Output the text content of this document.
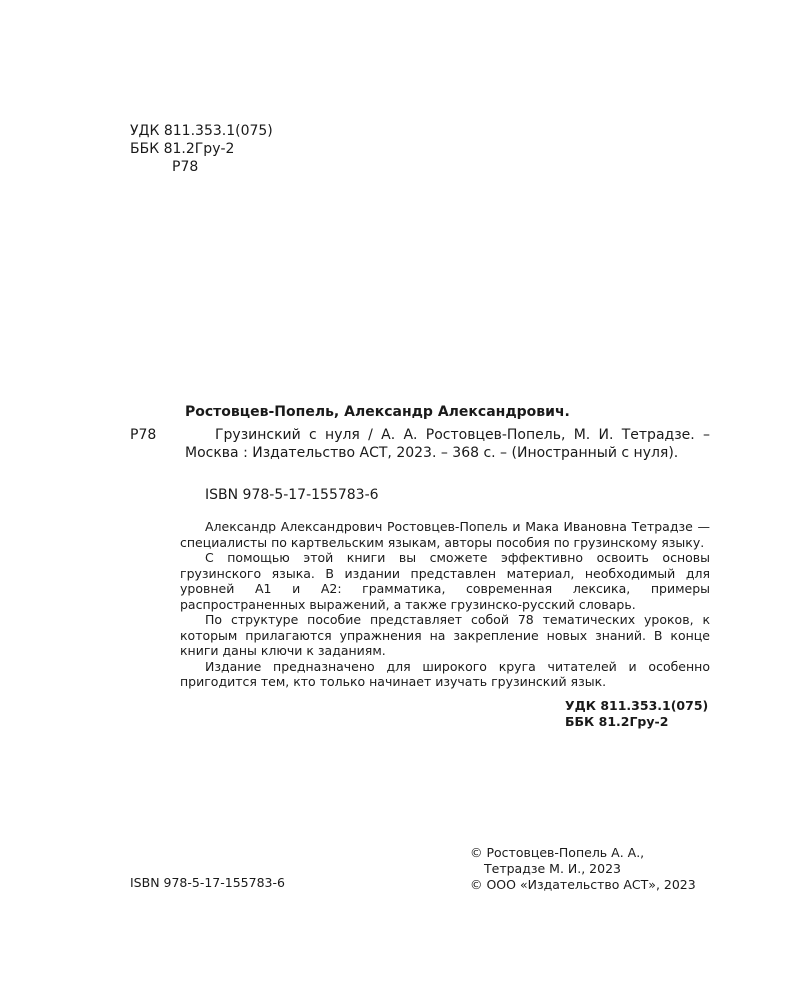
УДК 811.353.1(075)
ББК 81.2Гру-2
Р78
Ростовцев-Попель, Александр Александрович.
Р78	Грузинский с нуля / А. А. Ростовцев-Попель, М. И. Тетрадзе. – Москва : Издательство АСТ, 2023. – 368 с. – (Иностранный с нуля).

ISBN 978-5-17-155783-6

Александр Александрович Ростовцев-Попель и Мака Ивановна Тетрадзе — специалисты по картвельским языкам, авторы пособия по грузинскому языку.

С помощью этой книги вы сможете эффективно освоить основы грузинского языка. В издании представлен материал, необходимый для уровней А1 и А2: грамматика, современная лексика, примеры распространенных выражений, а также грузинско-русский словарь.

По структуре пособие представляет собой 78 тематических уроков, к которым прилагаются упражнения на закрепление новых знаний. В конце книги даны ключи к заданиям.

Издание предназначено для широкого круга читателей и особенно пригодится тем, кто только начинает изучать грузинский язык.

УДК 811.353.1(075)
ББК 81.2Гру-2
© Ростовцев-Попель А. А.,
Тетрадзе М. И., 2023
© ООО «Издательство АСТ», 2023
ISBN 978-5-17-155783-6
